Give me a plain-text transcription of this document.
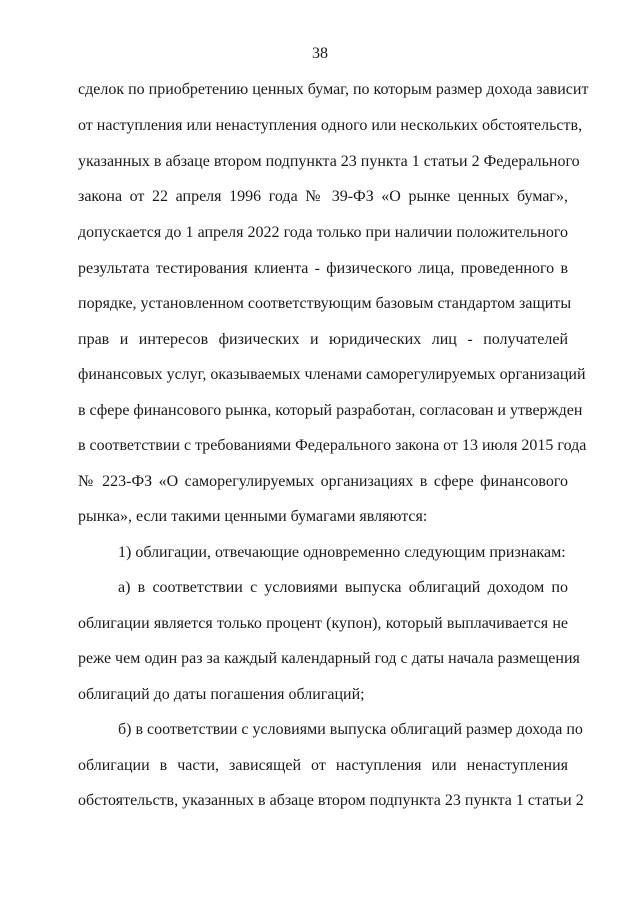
38
сделок по приобретению ценных бумаг, по которым размер дохода зависит
от наступления или ненаступления одного или нескольких обстоятельств,
указанных в абзаце втором подпункта 23 пункта 1 статьи 2 Федерального
закона от 22 апреля 1996 года № 39-ФЗ «О рынке ценных бумаг»,
допускается до 1 апреля 2022 года только при наличии положительного
результата тестирования клиента - физического лица, проведенного в
порядке, установленном соответствующим базовым стандартом защиты
прав и интересов физических и юридических лиц - получателей
финансовых услуг, оказываемых членами саморегулируемых организаций
в сфере финансового рынка, который разработан, согласован и утвержден
в соответствии с требованиями Федерального закона от 13 июля 2015 года
№ 223-ФЗ «О саморегулируемых организациях в сфере финансового
рынка», если такими ценными бумагами являются:
1) облигации, отвечающие одновременно следующим признакам:
а) в соответствии с условиями выпуска облигаций доходом по
облигации является только процент (купон), который выплачивается не
реже чем один раз за каждый календарный год с даты начала размещения
облигаций до даты погашения облигаций;
б) в соответствии с условиями выпуска облигаций размер дохода по
облигации в части, зависящей от наступления или ненаступления
обстоятельств, указанных в абзаце втором подпункта 23 пункта 1 статьи 2
